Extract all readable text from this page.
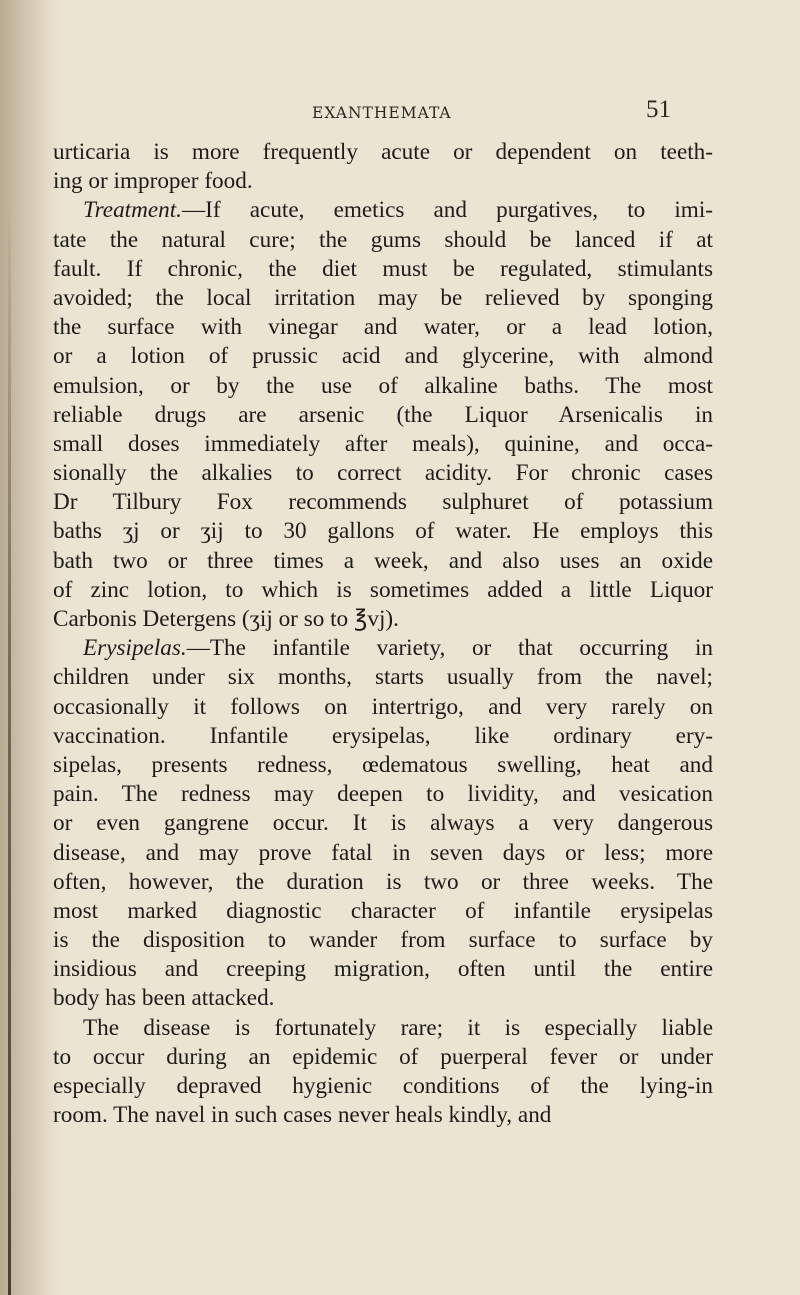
EXANTHEMATA	51
urticaria is more frequently acute or dependent on teeth-
ing or improper food.
Treatment.—If acute, emetics and purgatives, to imi-
tate the natural cure; the gums should be lanced if at
fault. If chronic, the diet must be regulated, stimulants
avoided; the local irritation may be relieved by sponging
the surface with vinegar and water, or a lead lotion,
or a lotion of prussic acid and glycerine, with almond
emulsion, or by the use of alkaline baths. The most
reliable drugs are arsenic (the Liquor Arsenicalis in
small doses immediately after meals), quinine, and occa-
sionally the alkalies to correct acidity. For chronic cases
Dr Tilbury Fox recommends sulphuret of potassium
baths ʒj or ʒij to 30 gallons of water. He employs this
bath two or three times a week, and also uses an oxide
of zinc lotion, to which is sometimes added a little Liquor
Carbonis Detergens (ʒij or so to ℥vj).
Erysipelas.—The infantile variety, or that occurring in
children under six months, starts usually from the navel;
occasionally it follows on intertrigo, and very rarely on
vaccination. Infantile erysipelas, like ordinary ery-
sipelas, presents redness, œdematous swelling, heat and
pain. The redness may deepen to lividity, and vesication
or even gangrene occur. It is always a very dangerous
disease, and may prove fatal in seven days or less; more
often, however, the duration is two or three weeks. The
most marked diagnostic character of infantile erysipelas
is the disposition to wander from surface to surface by
insidious and creeping migration, often until the entire
body has been attacked.
The disease is fortunately rare; it is especially liable
to occur during an epidemic of puerperal fever or under
especially depraved hygienic conditions of the lying-in
room. The navel in such cases never heals kindly, and
